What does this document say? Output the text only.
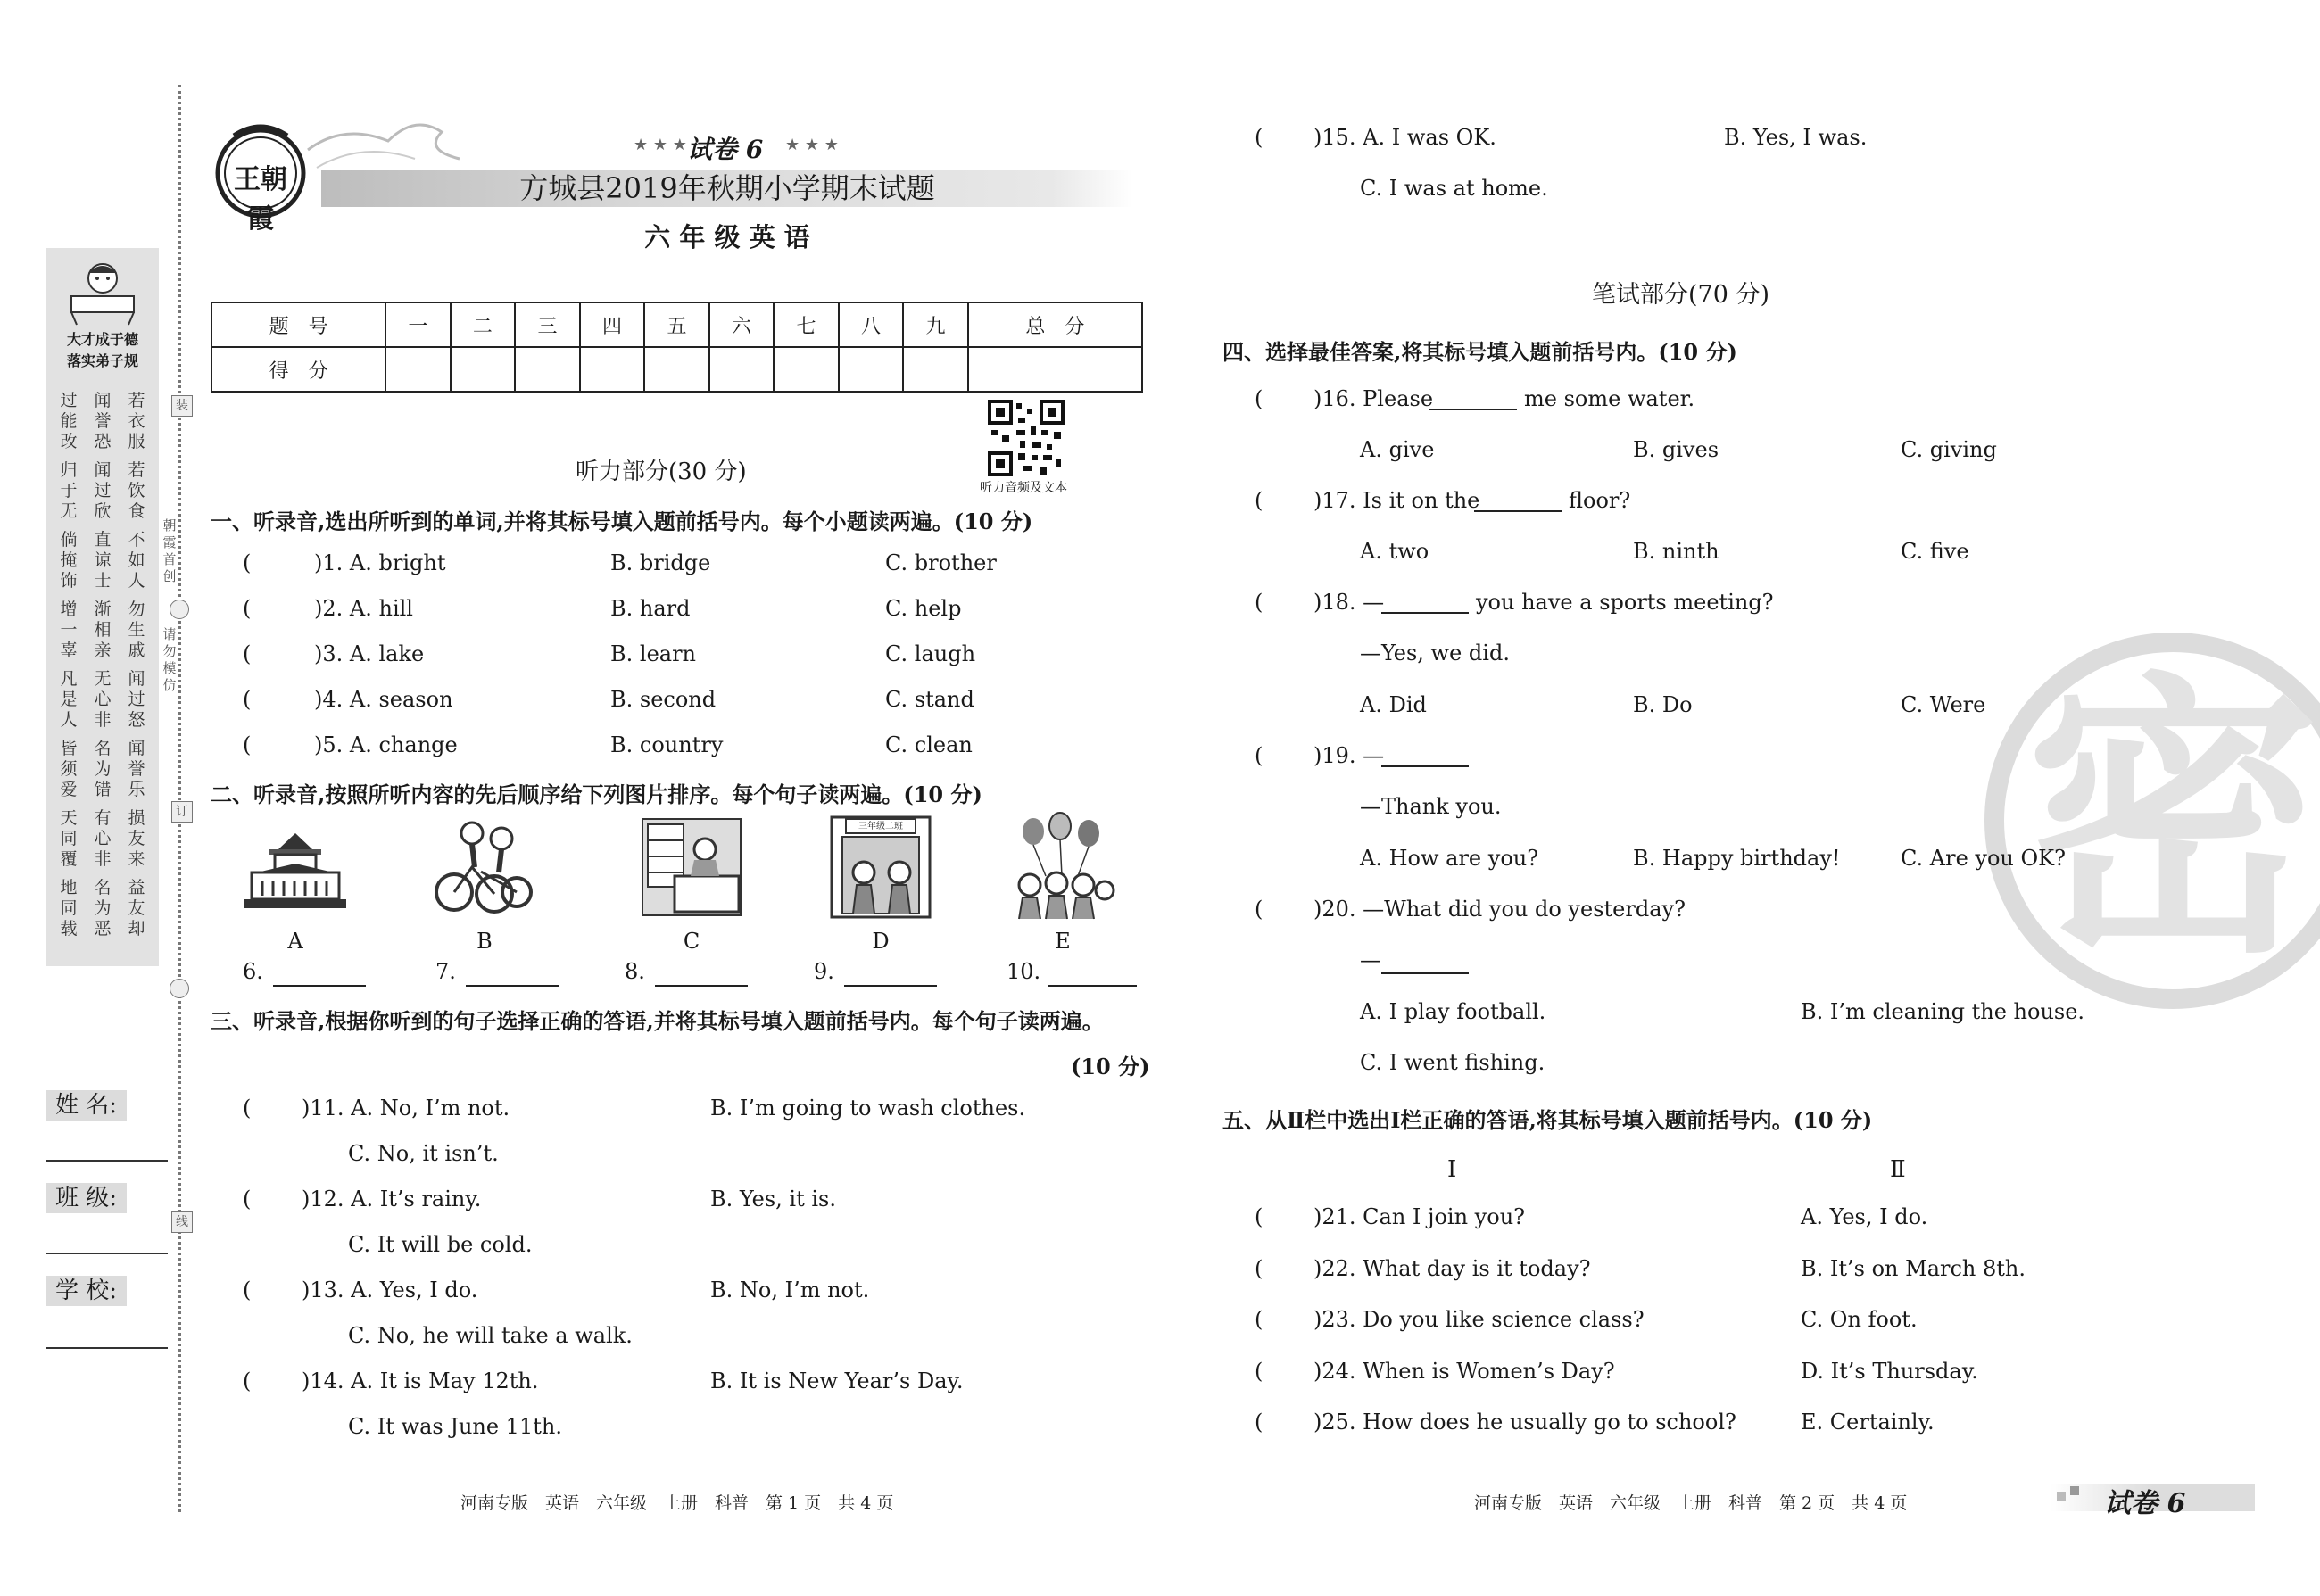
大才成于德
落实弟子规
过能改
闻誉恐
若衣服
归于无
闻过欣
若饮食
倘掩饰
直谅士
不如人
增一辜
渐相亲
勿生戚
凡是人
无心非
闻过怒
皆须爱
名为错
闻誉乐
天同覆
有心非
损友来
地同载
名为恶
益友却
装
朝霞首创
请勿模仿
订
线
姓 名:
班 级:
学 校:
王朝霞
★ ★ ★ 试卷 6 ★ ★ ★
方城县2019年秋期小学期末试题
六 年 级 英 语
题　号	一	二	三	四	五	六	七	八	九	总　分
得　分										
听力音频及文本
听力部分(30 分)
一、听录音,选出所听到的单词,并将其标号填入题前括号内。每个小题读两遍。(10 分)
(	)1. A. bright	B. bridge	C. brother
(	)2. A. hill	B. hard	C. help
(	)3. A. lake	B. learn	C. laugh
(	)4. A. season	B. second	C. stand
(	)5. A. change	B. country	C. clean
二、听录音,按照所听内容的先后顺序给下列图片排序。每个句子读两遍。(10 分)
三年级二班
A	B	C	D	E
6.	7.	8.	9.	10.
三、听录音,根据你听到的句子选择正确的答语,并将其标号填入题前括号内。每个句子读两遍。
(10 分)
( )11. A. No, I’m not.	B. I’m going to wash clothes.
C. No, it isn’t.
( )12. A. It’s rainy.	B. Yes, it is.
C. It will be cold.
( )13. A. Yes, I do.	B. No, I’m not.
C. No, he will take a walk.
( )14. A. It is May 12th.	B. It is New Year’s Day.
C. It was June 11th.
河南专版　英语　六年级　上册　科普　第 1 页　共 4 页
密
( )15. A. I was OK.	B. Yes, I was.
C. I was at home.
( )16. Please	me some water.
A. give	B. gives	C. giving
( )17. Is it on the	floor?
A. two	B. ninth	C. five
( )18. —	you have a sports meeting?
—Yes, we did.
A. Did	B. Do	C. Were
( )19. —
—Thank you.
A. How are you?	B. Happy birthday!	C. Are you OK?
( )20. —What did you do yesterday?
—
A. I play football.	B. I’m cleaning the house.
C. I went fishing.
笔试部分(70 分)
四、选择最佳答案,将其标号填入题前括号内。(10 分)
五、从Ⅱ栏中选出Ⅰ栏正确的答语,将其标号填入题前括号内。(10 分)
Ⅰ	Ⅱ
( )21. Can I join you?	A. Yes, I do.
( )22. What day is it today?	B. It’s on March 8th.
( )23. Do you like science class?	C. On foot.
( )24. When is Women’s Day?	D. It’s Thursday.
( )25. How does he usually go to school?	E. Certainly.
河南专版　英语　六年级　上册　科普　第 2 页　共 4 页	试卷 6
